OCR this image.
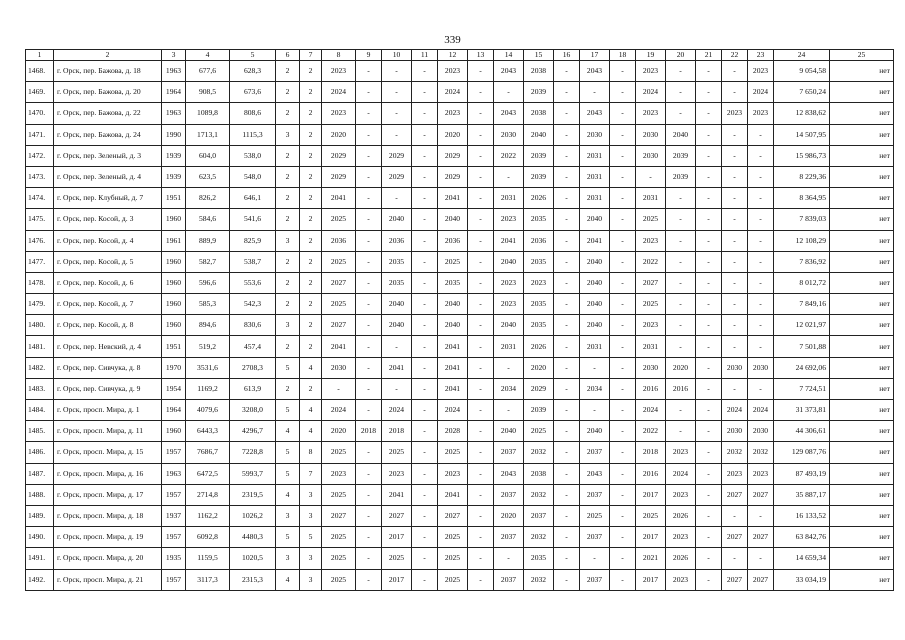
339
1	2	3	4	5	6	7	8	9	10	11	12	13	14	15	16	17	18	19	20	21	22	23	24	25
1468.	г. Орск, пер. Бажова, д. 18	1963	677,6	628,3	2	2	2023	-	-	-	2023	-	2043	2038	-	2043	-	2023	-	-	-	2023	9 054,58	нет
1469.	г. Орск, пер. Бажова, д. 20	1964	908,5	673,6	2	2	2024	-	-	-	2024	-	-	2039	-	-	-	2024	-	-	-	2024	7 650,24	нет
1470.	г. Орск, пер. Бажова, д. 22	1963	1089,8	808,6	2	2	2023	-	-	-	2023	-	2043	2038	-	2043	-	2023	-	-	2023	2023	12 838,62	нет
1471.	г. Орск, пер. Бажова, д. 24	1990	1713,1	1115,3	3	2	2020	-	-	-	2020	-	2030	2040	-	2030	-	2030	2040	-	-	-	14 507,95	нет
1472.	г. Орск, пер. Зеленый, д. 3	1939	604,0	538,0	2	2	2029	-	2029	-	2029	-	2022	2039	-	2031	-	2030	2039	-	-	-	15 986,73	нет
1473.	г. Орск, пер. Зеленый, д. 4	1939	623,5	548,0	2	2	2029	-	2029	-	2029	-	-	2039	-	2031	-	-	2039	-	-	-	8 229,36	нет
1474.	г. Орск, пер. Клубный, д. 7	1951	826,2	646,1	2	2	2041	-	-	-	2041	-	2031	2026	-	2031	-	2031	-	-	-	-	8 364,95	нет
1475.	г. Орск, пер. Косой, д. 3	1960	584,6	541,6	2	2	2025	-	2040	-	2040	-	2023	2035	-	2040	-	2025	-	-	-	-	7 839,03	нет
1476.	г. Орск, пер. Косой, д. 4	1961	889,9	825,9	3	2	2036	-	2036	-	2036	-	2041	2036	-	2041	-	2023	-	-	-	-	12 108,29	нет
1477.	г. Орск, пер. Косой, д. 5	1960	582,7	538,7	2	2	2025	-	2035	-	2025	-	2040	2035	-	2040	-	2022	-	-	-	-	7 836,92	нет
1478.	г. Орск, пер. Косой, д. 6	1960	596,6	553,6	2	2	2027	-	2035	-	2035	-	2023	2023	-	2040	-	2027	-	-	-	-	8 012,72	нет
1479.	г. Орск, пер. Косой, д. 7	1960	585,3	542,3	2	2	2025	-	2040	-	2040	-	2023	2035	-	2040	-	2025	-	-	-	-	7 849,16	нет
1480.	г. Орск, пер. Косой, д. 8	1960	894,6	830,6	3	2	2027	-	2040	-	2040	-	2040	2035	-	2040	-	2023	-	-	-	-	12 021,97	нет
1481.	г. Орск, пер. Невский, д. 4	1951	519,2	457,4	2	2	2041	-	-	-	2041	-	2031	2026	-	2031	-	2031	-	-	-	-	7 501,88	нет
1482.	г. Орск, пер. Сивчука, д. 8	1970	3531,6	2708,3	5	4	2030	-	2041	-	2041	-	-	2020	-	-	-	2030	2020	-	2030	2030	24 692,06	нет
1483.	г. Орск, пер. Сивчука, д. 9	1954	1169,2	613,9	2	2	-	-	-	-	2041	-	2034	2029	-	2034	-	2016	2016	-	-	-	7 724,51	нет
1484.	г. Орск, просп. Мира, д. 1	1964	4079,6	3208,0	5	4	2024	-	2024	-	2024	-	-	2039	-	-	-	2024	-	-	2024	2024	31 373,81	нет
1485.	г. Орск, просп. Мира, д. 11	1960	6443,3	4296,7	4	4	2020	2018	2018	-	2028	-	2040	2025	-	2040	-	2022	-	-	2030	2030	44 306,61	нет
1486.	г. Орск, просп. Мира, д. 15	1957	7686,7	7228,8	5	8	2025	-	2025	-	2025	-	2037	2032	-	2037	-	2018	2023	-	2032	2032	129 087,76	нет
1487.	г. Орск, просп. Мира, д. 16	1963	6472,5	5993,7	5	7	2023	-	2023	-	2023	-	2043	2038	-	2043	-	2016	2024	-	2023	2023	87 493,19	нет
1488.	г. Орск, просп. Мира, д. 17	1957	2714,8	2319,5	4	3	2025	-	2041	-	2041	-	2037	2032	-	2037	-	2017	2023	-	2027	2027	35 887,17	нет
1489.	г. Орск, просп. Мира, д. 18	1937	1162,2	1026,2	3	3	2027	-	2027	-	2027	-	2020	2037	-	2025	-	2025	2026	-	-	-	16 133,52	нет
1490.	г. Орск, просп. Мира, д. 19	1957	6092,8	4480,3	5	5	2025	-	2017	-	2025	-	2037	2032	-	2037	-	2017	2023	-	2027	2027	63 842,76	нет
1491.	г. Орск, просп. Мира, д. 20	1935	1159,5	1020,5	3	3	2025	-	2025	-	2025	-	-	2035	-	-	-	2021	2026	-	-	-	14 659,34	нет
1492.	г. Орск, просп. Мира, д. 21	1957	3117,3	2315,3	4	3	2025	-	2017	-	2025	-	2037	2032	-	2037	-	2017	2023	-	2027	2027	33 034,19	нет
